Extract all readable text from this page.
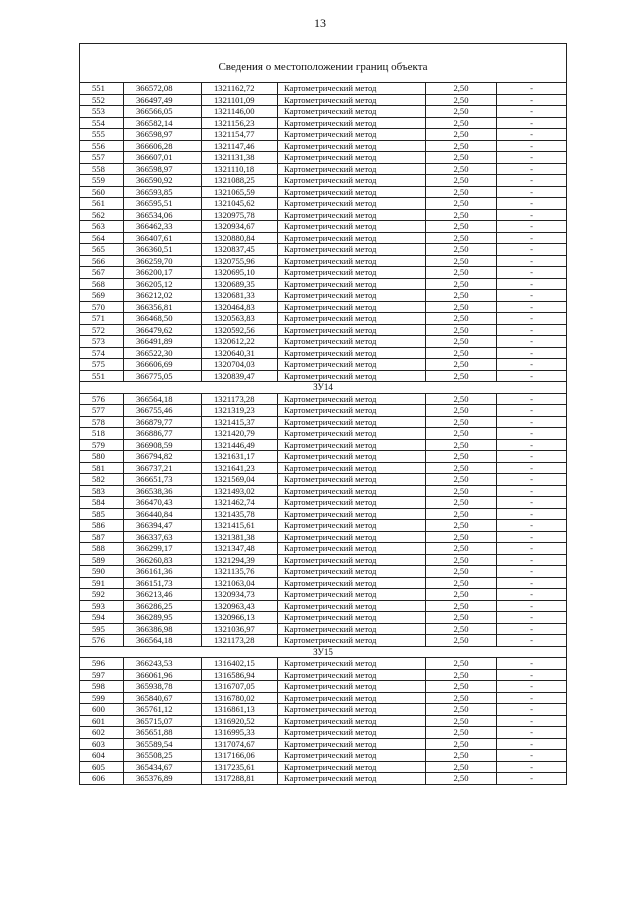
13
Сведения о местоположении границ объекта					
551	366572,08	1321162,72	Картометрический метод	2,50	-
552	366497,49	1321101,09	Картометрический метод	2,50	-
553	366566,05	1321146,00	Картометрический метод	2,50	-
554	366582,14	1321156,23	Картометрический метод	2,50	-
555	366598,97	1321154,77	Картометрический метод	2,50	-
556	366606,28	1321147,46	Картометрический метод	2,50	-
557	366607,01	1321131,38	Картометрический метод	2,50	-
558	366598,97	1321110,18	Картометрический метод	2,50	-
559	366590,92	1321088,25	Картометрический метод	2,50	-
560	366593,85	1321065,59	Картометрический метод	2,50	-
561	366595,51	1321045,62	Картометрический метод	2,50	-
562	366534,06	1320975,78	Картометрический метод	2,50	-
563	366462,33	1320934,67	Картометрический метод	2,50	-
564	366407,61	1320880,84	Картометрический метод	2,50	-
565	366360,51	1320837,45	Картометрический метод	2,50	-
566	366259,70	1320755,96	Картометрический метод	2,50	-
567	366200,17	1320695,10	Картометрический метод	2,50	-
568	366205,12	1320689,35	Картометрический метод	2,50	-
569	366212,02	1320681,33	Картометрический метод	2,50	-
570	366356,81	1320464,83	Картометрический метод	2,50	-
571	366468,50	1320563,83	Картометрический метод	2,50	-
572	366479,62	1320592,56	Картометрический метод	2,50	-
573	366491,89	1320612,22	Картометрический метод	2,50	-
574	366522,30	1320640,31	Картометрический метод	2,50	-
575	366606,69	1320704,03	Картометрический метод	2,50	-
551	366775,05	1320839,47	Картометрический метод	2,50	-
ЗУ14					
576	366564,18	1321173,28	Картометрический метод	2,50	-
577	366755,46	1321319,23	Картометрический метод	2,50	-
578	366879,77	1321415,37	Картометрический метод	2,50	-
518	366886,77	1321420,79	Картометрический метод	2,50	-
579	366908,59	1321446,49	Картометрический метод	2,50	-
580	366794,82	1321631,17	Картометрический метод	2,50	-
581	366737,21	1321641,23	Картометрический метод	2,50	-
582	366651,73	1321569,04	Картометрический метод	2,50	-
583	366538,36	1321493,02	Картометрический метод	2,50	-
584	366470,43	1321462,74	Картометрический метод	2,50	-
585	366440,84	1321435,78	Картометрический метод	2,50	-
586	366394,47	1321415,61	Картометрический метод	2,50	-
587	366337,63	1321381,38	Картометрический метод	2,50	-
588	366299,17	1321347,48	Картометрический метод	2,50	-
589	366260,83	1321294,39	Картометрический метод	2,50	-
590	366161,36	1321135,76	Картометрический метод	2,50	-
591	366151,73	1321063,04	Картометрический метод	2,50	-
592	366213,46	1320934,73	Картометрический метод	2,50	-
593	366286,25	1320963,43	Картометрический метод	2,50	-
594	366289,95	1320966,13	Картометрический метод	2,50	-
595	366386,98	1321036,97	Картометрический метод	2,50	-
576	366564,18	1321173,28	Картометрический метод	2,50	-
ЗУ15					
596	366243,53	1316402,15	Картометрический метод	2,50	-
597	366061,96	1316586,94	Картометрический метод	2,50	-
598	365938,78	1316707,05	Картометрический метод	2,50	-
599	365840,67	1316780,02	Картометрический метод	2,50	-
600	365761,12	1316861,13	Картометрический метод	2,50	-
601	365715,07	1316920,52	Картометрический метод	2,50	-
602	365651,88	1316995,33	Картометрический метод	2,50	-
603	365589,54	1317074,67	Картометрический метод	2,50	-
604	365508,25	1317166,06	Картометрический метод	2,50	-
605	365434,67	1317235,61	Картометрический метод	2,50	-
606	365376,89	1317288,81	Картометрический метод	2,50	-
